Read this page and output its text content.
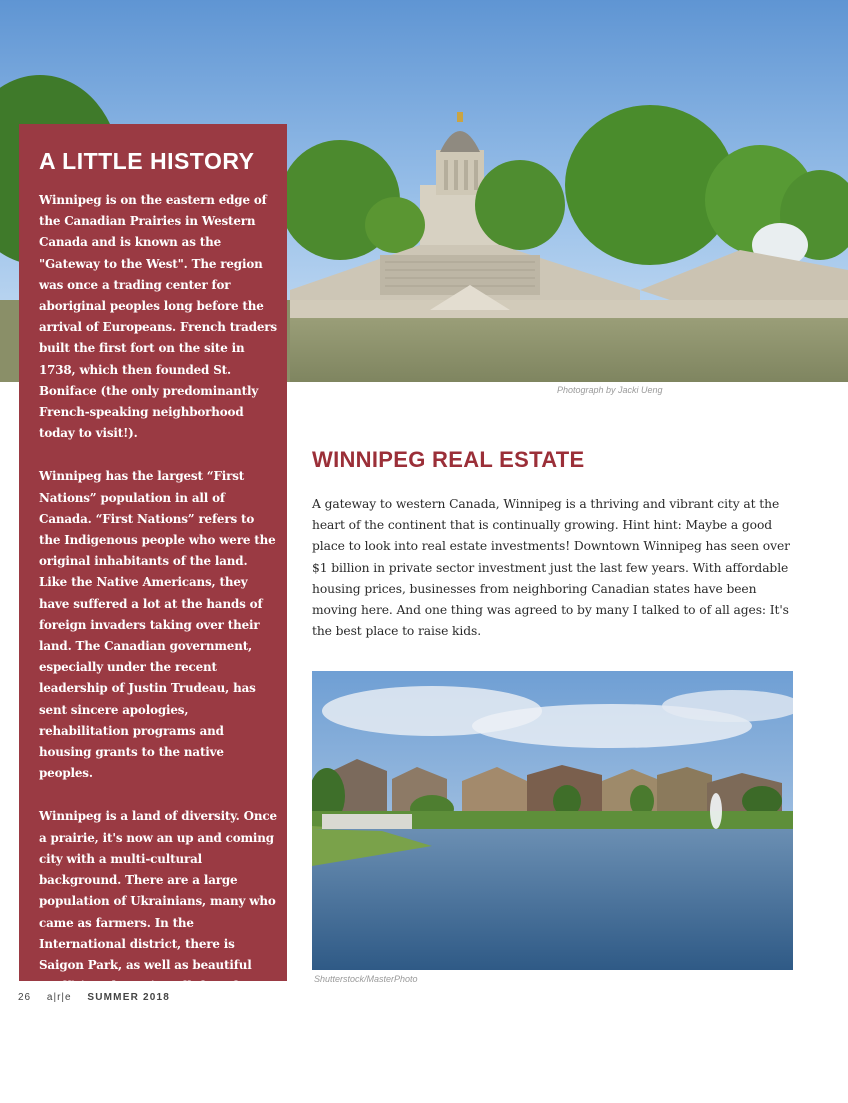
Photograph by Jacki Ueng
A LITTLE HISTORY

Winnipeg is on the eastern edge of the Canadian Prairies in Western Canada and is known as the "Gateway to the West". The region was once a trading center for aboriginal peoples long before the arrival of Europeans. French traders built the first fort on the site in 1738, which then founded St. Boniface (the only predominantly French-speaking neighborhood today to visit!).

Winnipeg has the largest “First Nations” population in all of Canada. “First Nations” refers to the Indigenous people who were the original inhabitants of the land. Like the Native Americans, they have suffered a lot at the hands of foreign invaders taking over their land. The Canadian government, especially under the recent leadership of Justin Trudeau, has sent sincere apologies, rehabilitation programs and housing grants to the native peoples.

Winnipeg is a land of diversity. Once a prairie, it's now an up and coming city with a multi-cultural background. There are a large population of Ukrainians, many who came as farmers. In the International district, there is Saigon Park, as well as beautiful graffiti art honoring all the other recent immigrants and their respective countries that reside here including those from India, Vietnam, Philippines, Poland and more.

WINNIPEG REAL ESTATE

A gateway to western Canada, Winnipeg is a thriving and vibrant city at the heart of the continent that is continually growing. Hint hint: Maybe a good place to look into real estate investments! Downtown Winnipeg has seen over $1 billion in private sector investment just the last few years. With affordable housing prices, businesses from neighboring Canadian states have been moving here. And one thing was agreed to by many I talked to of all ages: It's the best place to raise kids.

Shutterstock/MasterPhoto
26 a|r|e SUMMER 2018
